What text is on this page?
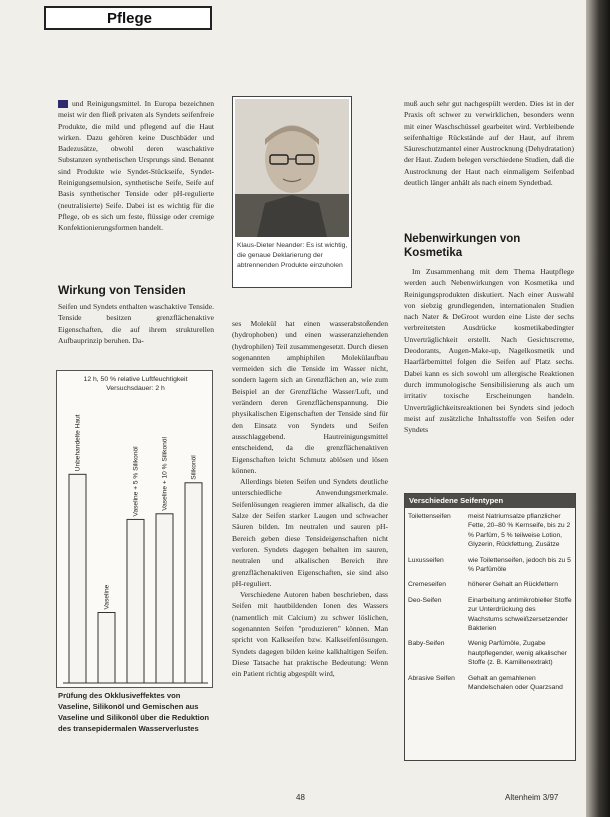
Pflege

und Reinigungsmittel. In Europa bezeichnen meist wir den fließ privaten als Syndets seifenfreie Produkte, die mild und pflegend auf die Haut wirken. Dazu gehören keine Duschbäder und Badezusätze, obwohl deren waschaktive Substanzen synthetischen Ursprungs sind. Benannt sind Produkte wie Syndet-Stückseife, Syndet-Reinigungsemulsion, synthetische Seife, Seife auf Basis synthetischer Tenside oder pH-regulierte (neutralisierte) Seife. Dabei ist es wichtig für die Pflege, ob es sich um feste, flüssige oder cremige Konfektionierungsformen handelt.

Wirkung von Tensiden

Seifen und Syndets enthalten waschaktive Tenside. Tenside besitzen grenzflächenaktive Eigenschaften, die auf ihrem strukturellen Aufbauprinzip beruhen. Da-

Klaus-Dieter Neander: Es ist wichtig, die genaue Deklarierung der abtrennenden Produkte einzuholen

ses Molekül hat einen wasserabstoßenden (hydrophoben) und einen wasseranziehenden (hydrophilen) Teil zusammengesetzt. Durch diesen sogenannten amphiphilen Molekülaufbau vermeiden sich die Tenside im Wasser nicht, sondern lagern sich an Grenzflächen an, wie zum Beispiel an der Grenzfläche Wasser/Luft, und verändern deren Grenzflächenspannung. Die physikalischen Eigenschaften der Tenside sind für den Einsatz von Syndets und Seifen ausschlaggebend. Hautreinigungsmittel entscheidend, da die grenzflächenaktiven Eigenschaften leicht Schmutz ablösen und lösen können.

Allerdings bieten Seifen und Syndets deutliche unterschiedliche Anwendungsmerkmale. Seifenlösungen reagieren immer alkalisch, da die Salze der Seifen starker Laugen und schwacher Säuren bilden. Im neutralen und sauren pH-Bereich geben diese Tensideigenschaften nicht verloren. Syndets dagegen behalten im sauren, neutralen und alkalischen Bereich ihre grenzflächenaktiven Eigenschaften, sie sind also pH-reguliert.

Verschiedene Autoren haben beschrieben, dass Seifen mit hautbildenden Ionen des Wassers (namentlich mit Calcium) zu schwer löslichen, sogenannten Seifen "produzieren" können. Man spricht von Kalkseifen bzw. Kalkseifenlösungen. Syndets dagegen bilden keine kalkhaltigen Seifen. Diese Tatsache hat praktische Bedeutung: Wenn ein Patient richtig abgespült wird,

muß auch sehr gut nachgespült werden. Dies ist in der Praxis oft schwer zu verwirklichen, besonders wenn mit einer Waschschüssel gearbeitet wird. Verbleibende seifenhaltige Rückstände auf der Haut, auf ihrem Säureschutzmantel einer Austrocknung (Dehydratation) der Haut. Zudem belegen verschiedene Studien, daß die Austrocknung der Haut nach einmaligem Seifenbad deutlich länger anhält als nach einem Syndetbad.

Nebenwirkungen von Kosmetika

Im Zusammenhang mit dem Thema Hautpflege werden auch Nebenwirkungen von Kosmetika und Reinigungsprodukten diskutiert. Nach einer Auswahl von siebzig grundlegenden, internationalen Studien nach Nater & DeGroot wurden eine Liste der sechs verbreitetsten Ausdrücke kosmetikabedingter Unverträglichkeit erstellt. Nach Gesichtscreme, Deodorants, Augen-Make-up, Nagelkosmetik und Haarfärbemittel folgen die Seifen auf Platz sechs. Dabei kann es sich sowohl um allergische Reaktionen durch immunologische Sensibilisierung als auch um irritativ toxische Erscheinungen handeln. Unverträglichkeitsreaktionen bei Syndets sind jedoch meist auf zusätzliche Inhaltsstoffe von Seifen oder Syndets

12 h, 50 % relative Luftfeuchtigkeit Versuchsdauer: 2 h
Unbehandelte Haut
Vaseline
Vaseline + 5 % Silikonöl	Vaseline + 10 % Silikonöl	Silikonöl
Prüfung des Okklusiveffektes von Vaseline, Silikonöl und Gemischen aus Vaseline und Silikonöl über die Reduktion des transepidermalen Wasserverlustes
Verschiedene Seifentypen
Toilettenseifen	meist Natriumsalze pflanzlicher Fette, 20–80 % Kernseife, bis zu 2 % Parfüm, 5 % teilweise Lotion, Glyzerin, Rückfettung, Zusätze
Luxusseifen	wie Toilettenseifen, jedoch bis zu 5 % Parfümöle
Cremeseifen	höherer Gehalt an Rückfettern
Deo-Seifen	Einarbeitung antimikrobieller Stoffe zur Unterdrückung des Wachstums schweißzersetzender Bakterien
Baby-Seifen	Wenig Parfümöle, Zugabe hautpflegender, wenig alkalischer Stoffe (z. B. Kamillenextrakt)
Abrasive Seifen	Gehalt an gemahlenen Mandelschalen oder Quarzsand
48	Altenheim 3/97
